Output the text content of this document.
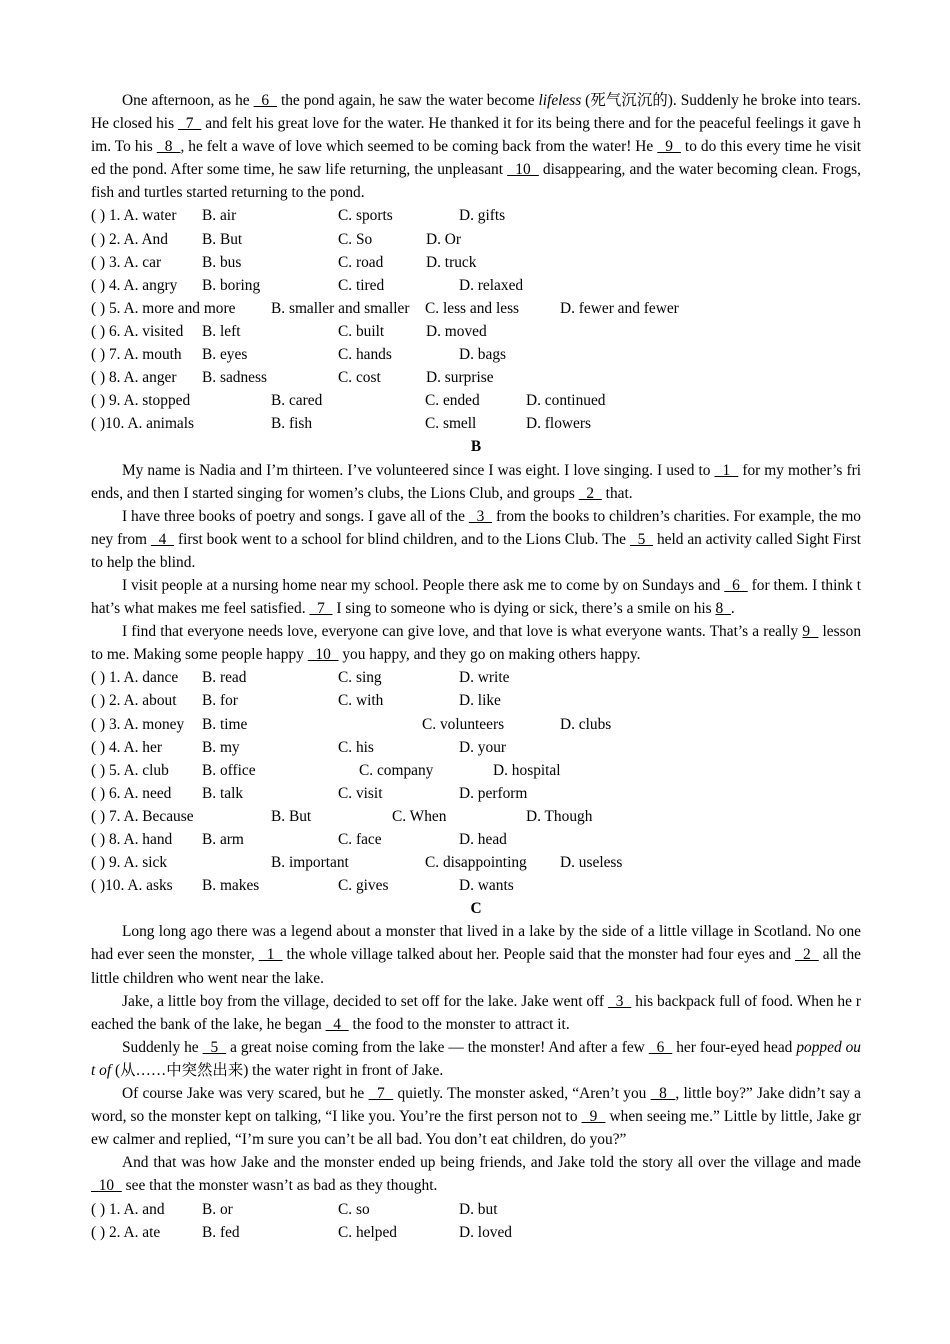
One afternoon, as he   6   the pond again, he saw the water become lifeless (死气沉沉的). Suddenly he broke into tears. He closed his   7   and felt his great love for the water. He thanked it for its being there and for the peaceful feelings it gave him. To his   8  , he felt a wave of love which seemed to be coming back from the water! He   9   to do this every time he visited the pond. After some time, he saw life returning, the unpleasant   10   disappearing, and the water becoming clean. Frogs, fish and turtles started returning to the pond.

( ) 1. A. water B. air	C. sports	D. gifts
( ) 2. A. And B. But	C. So	D. Or
( ) 3. A. car	B. bus	C. road	D. truck
( ) 4. A. angry B. boring	C. tired	D. relaxed
( ) 5. A. more and more B. smaller and smaller C. less and less	D. fewer and fewer
( ) 6. A. visited B. left	C. built	D. moved
( ) 7. A. mouth B. eyes	C. hands	D. bags
( ) 8. A. anger B. sadness	C. cost	D. surprise
( ) 9. A. stopped	B. cared	C. ended	D. continued
( )10. A. animals	B. fish	C. smell	D. flowers

B

My name is Nadia and I’m thirteen. I’ve volunteered since I was eight. I love singing. I used to   1   for my mother’s friends, and then I started singing for women’s clubs, the Lions Club, and groups   2   that.

I have three books of poetry and songs. I gave all of the   3   from the books to children’s charities. For example, the money from   4   first book went to a school for blind children, and to the Lions Club. The   5   held an activity called Sight First to help the blind.

I visit people at a nursing home near my school. People there ask me to come by on Sundays and   6   for them. I think that’s what makes me feel satisfied.   7   I sing to someone who is dying or sick, there’s a smile on his 8  .

I find that everyone needs love, everyone can give love, and that love is what everyone wants. That’s a really 9   lesson to me. Making some people happy   10   you happy, and they go on making others happy.

( ) 1. A. dance B. read	C. sing	D. write
( ) 2. A. about B. for	C. with	D. like
( ) 3. A. money B. time	C. volunteers	D. clubs
( ) 4. A. her	B. my	C. his	D. your
( ) 5. A. club B. office	C. company	D. hospital
( ) 6. A. need B. talk	C. visit	D. perform
( ) 7. A. Because	B. But	C. When	D. Though
( ) 8. A. hand B. arm	C. face	D. head
( ) 9. A. sick	B. important	C. disappointing D. useless
( )10. A. asks B. makes	C. gives	D. wants

C

Long long ago there was a legend about a monster that lived in a lake by the side of a little village in Scotland. No one had ever seen the monster,   1   the whole village talked about her. People said that the monster had four eyes and   2   all the little children who went near the lake.

Jake, a little boy from the village, decided to set off for the lake. Jake went off   3   his backpack full of food. When he reached the bank of the lake, he began   4   the food to the monster to attract it.

Suddenly he   5   a great noise coming from the lake — the monster! And after a few   6   her four-eyed head popped out of (从……中突然出来) the water right in front of Jake.

Of course Jake was very scared, but he   7   quietly. The monster asked, “Aren’t you   8  , little boy?” Jake didn’t say a word, so the monster kept on talking, “I like you. You’re the first person not to   9   when seeing me.” Little by little, Jake grew calmer and replied, “I’m sure you can’t be all bad. You don’t eat children, do you?”

And that was how Jake and the monster ended up being friends, and Jake told the story all over the village and made   10   see that the monster wasn’t as bad as they thought.

( ) 1. A. and B. or	C. so	D. but
( ) 2. A. ate	B. fed	C. helped	D. loved
